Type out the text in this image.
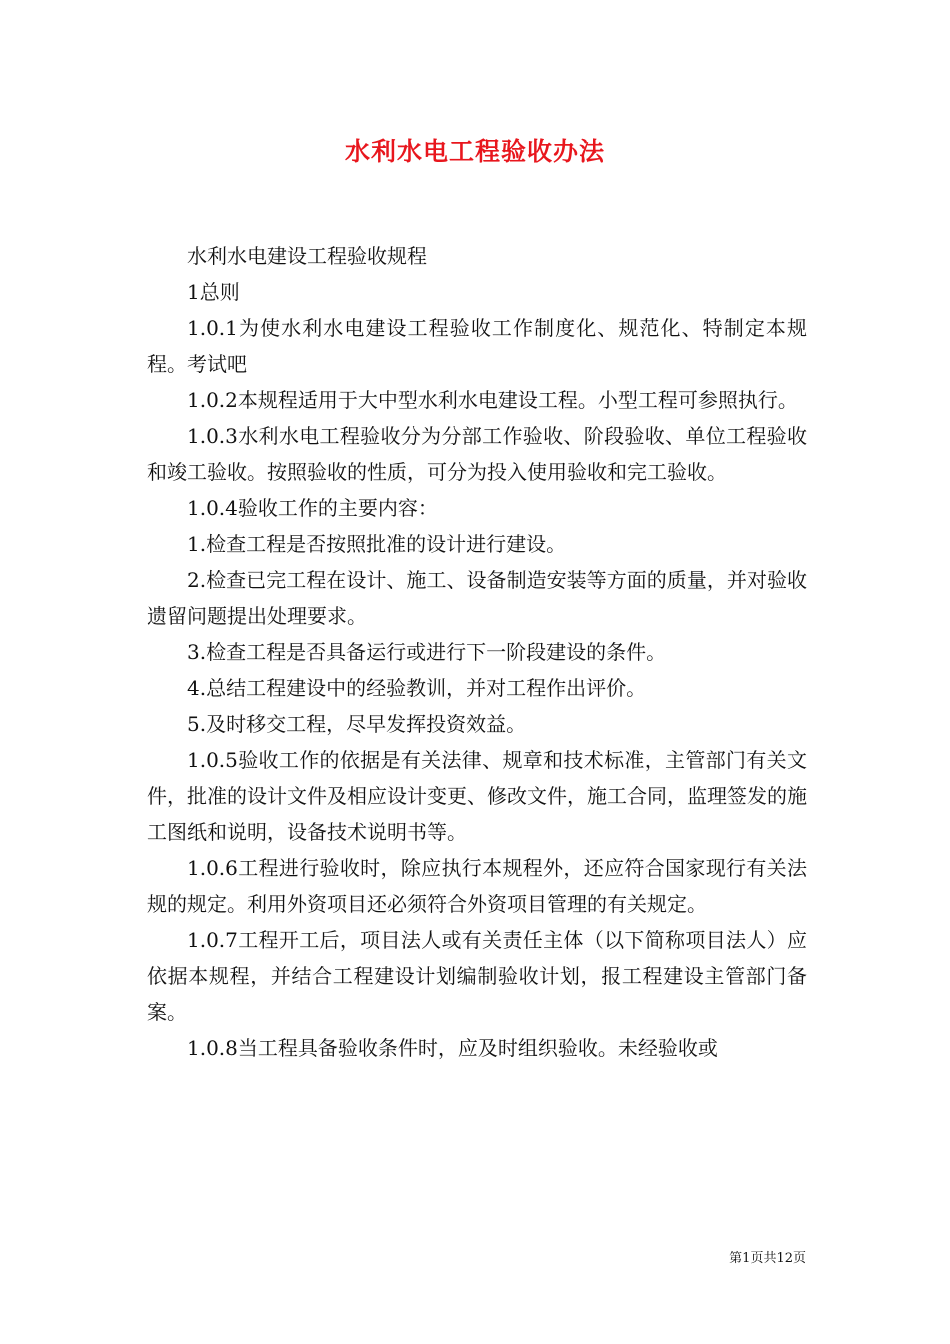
水利水电工程验收办法

水利水电建设工程验收规程

1总则

1.0.1为使水利水电建设工程验收工作制度化、规范化、特制定本规程。考试吧

1.0.2本规程适用于大中型水利水电建设工程。小型工程可参照执行。

1.0.3水利水电工程验收分为分部工作验收、阶段验收、单位工程验收和竣工验收。按照验收的性质，可分为投入使用验收和完工验收。

1.0.4验收工作的主要内容：

1.检查工程是否按照批准的设计进行建设。

2.检查已完工程在设计、施工、设备制造安装等方面的质量，并对验收遗留问题提出处理要求。

3.检查工程是否具备运行或进行下一阶段建设的条件。

4.总结工程建设中的经验教训，并对工程作出评价。

5.及时移交工程，尽早发挥投资效益。

1.0.5验收工作的依据是有关法律、规章和技术标准，主管部门有关文件，批准的设计文件及相应设计变更、修改文件，施工合同，监理签发的施工图纸和说明，设备技术说明书等。

1.0.6工程进行验收时，除应执行本规程外，还应符合国家现行有关法规的规定。利用外资项目还必须符合外资项目管理的有关规定。

1.0.7工程开工后，项目法人或有关责任主体（以下简称项目法人）应依据本规程，并结合工程建设计划编制验收计划，报工程建设主管部门备案。

1.0.8当工程具备验收条件时，应及时组织验收。未经验收或

第1页共12页
